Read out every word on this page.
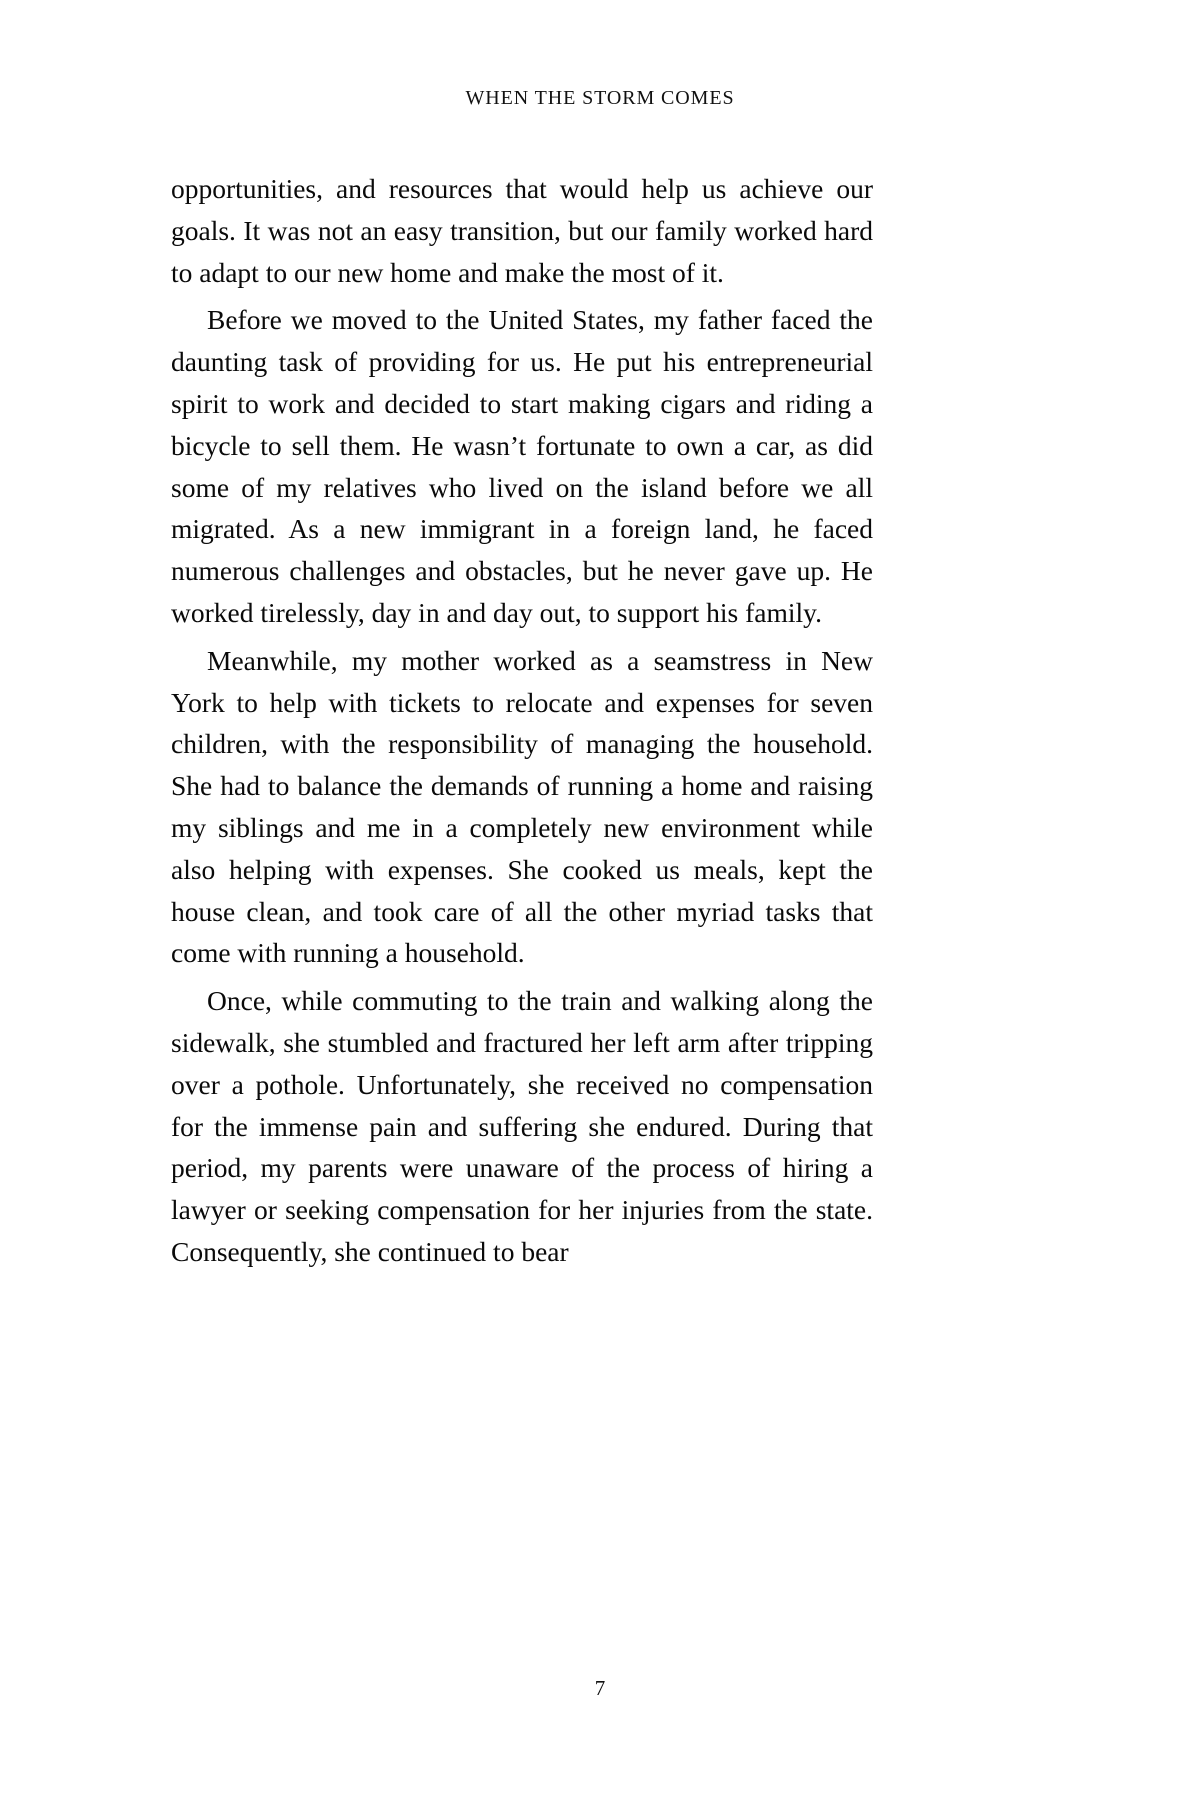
WHEN THE STORM COMES

opportunities, and resources that would help us achieve our goals. It was not an easy transition, but our family worked hard to adapt to our new home and make the most of it.

Before we moved to the United States, my father faced the daunting task of providing for us. He put his entrepreneurial spirit to work and decided to start making cigars and riding a bicycle to sell them. He wasn’t fortunate to own a car, as did some of my relatives who lived on the island before we all migrated. As a new immigrant in a foreign land, he faced numerous challenges and obstacles, but he never gave up. He worked tirelessly, day in and day out, to support his family.

Meanwhile, my mother worked as a seamstress in New York to help with tickets to relocate and expenses for seven children, with the responsibility of managing the household. She had to balance the demands of running a home and raising my siblings and me in a completely new environment while also helping with expenses. She cooked us meals, kept the house clean, and took care of all the other myriad tasks that come with running a household.

Once, while commuting to the train and walking along the sidewalk, she stumbled and fractured her left arm after tripping over a pothole. Unfortunately, she received no compensation for the immense pain and suffering she endured. During that period, my parents were unaware of the process of hiring a lawyer or seeking compensation for her injuries from the state. Consequently, she continued to bear

7
